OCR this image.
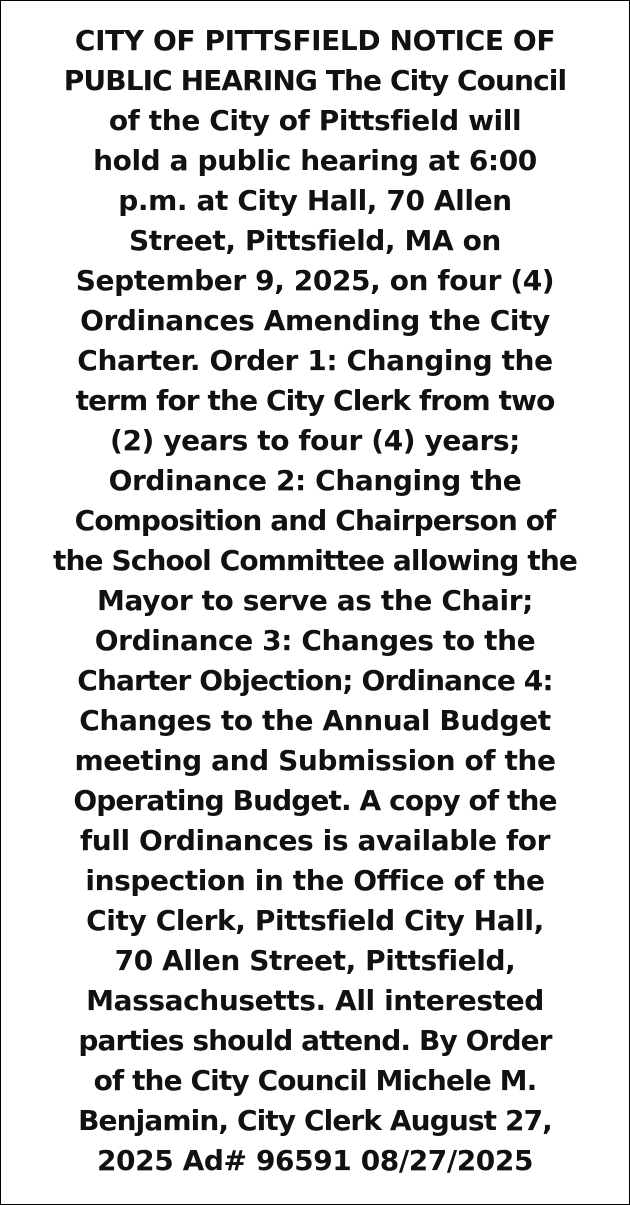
CITY OF PITTSFIELD NOTICE OF
PUBLIC HEARING The City Council
of the City of Pittsfield will
hold a public hearing at 6:00
p.m. at City Hall, 70 Allen
Street, Pittsfield, MA on
September 9, 2025, on four (4)
Ordinances Amending the City
Charter. Order 1: Changing the
term for the City Clerk from two
(2) years to four (4) years;
Ordinance 2: Changing the
Composition and Chairperson of
the School Committee allowing the
Mayor to serve as the Chair;
Ordinance 3: Changes to the
Charter Objection; Ordinance 4:
Changes to the Annual Budget
meeting and Submission of the
Operating Budget. A copy of the
full Ordinances is available for
inspection in the Office of the
City Clerk, Pittsfield City Hall,
70 Allen Street, Pittsfield,
Massachusetts. All interested
parties should attend. By Order
of the City Council Michele M.
Benjamin, City Clerk August 27,
2025 Ad# 96591 08/27/2025
